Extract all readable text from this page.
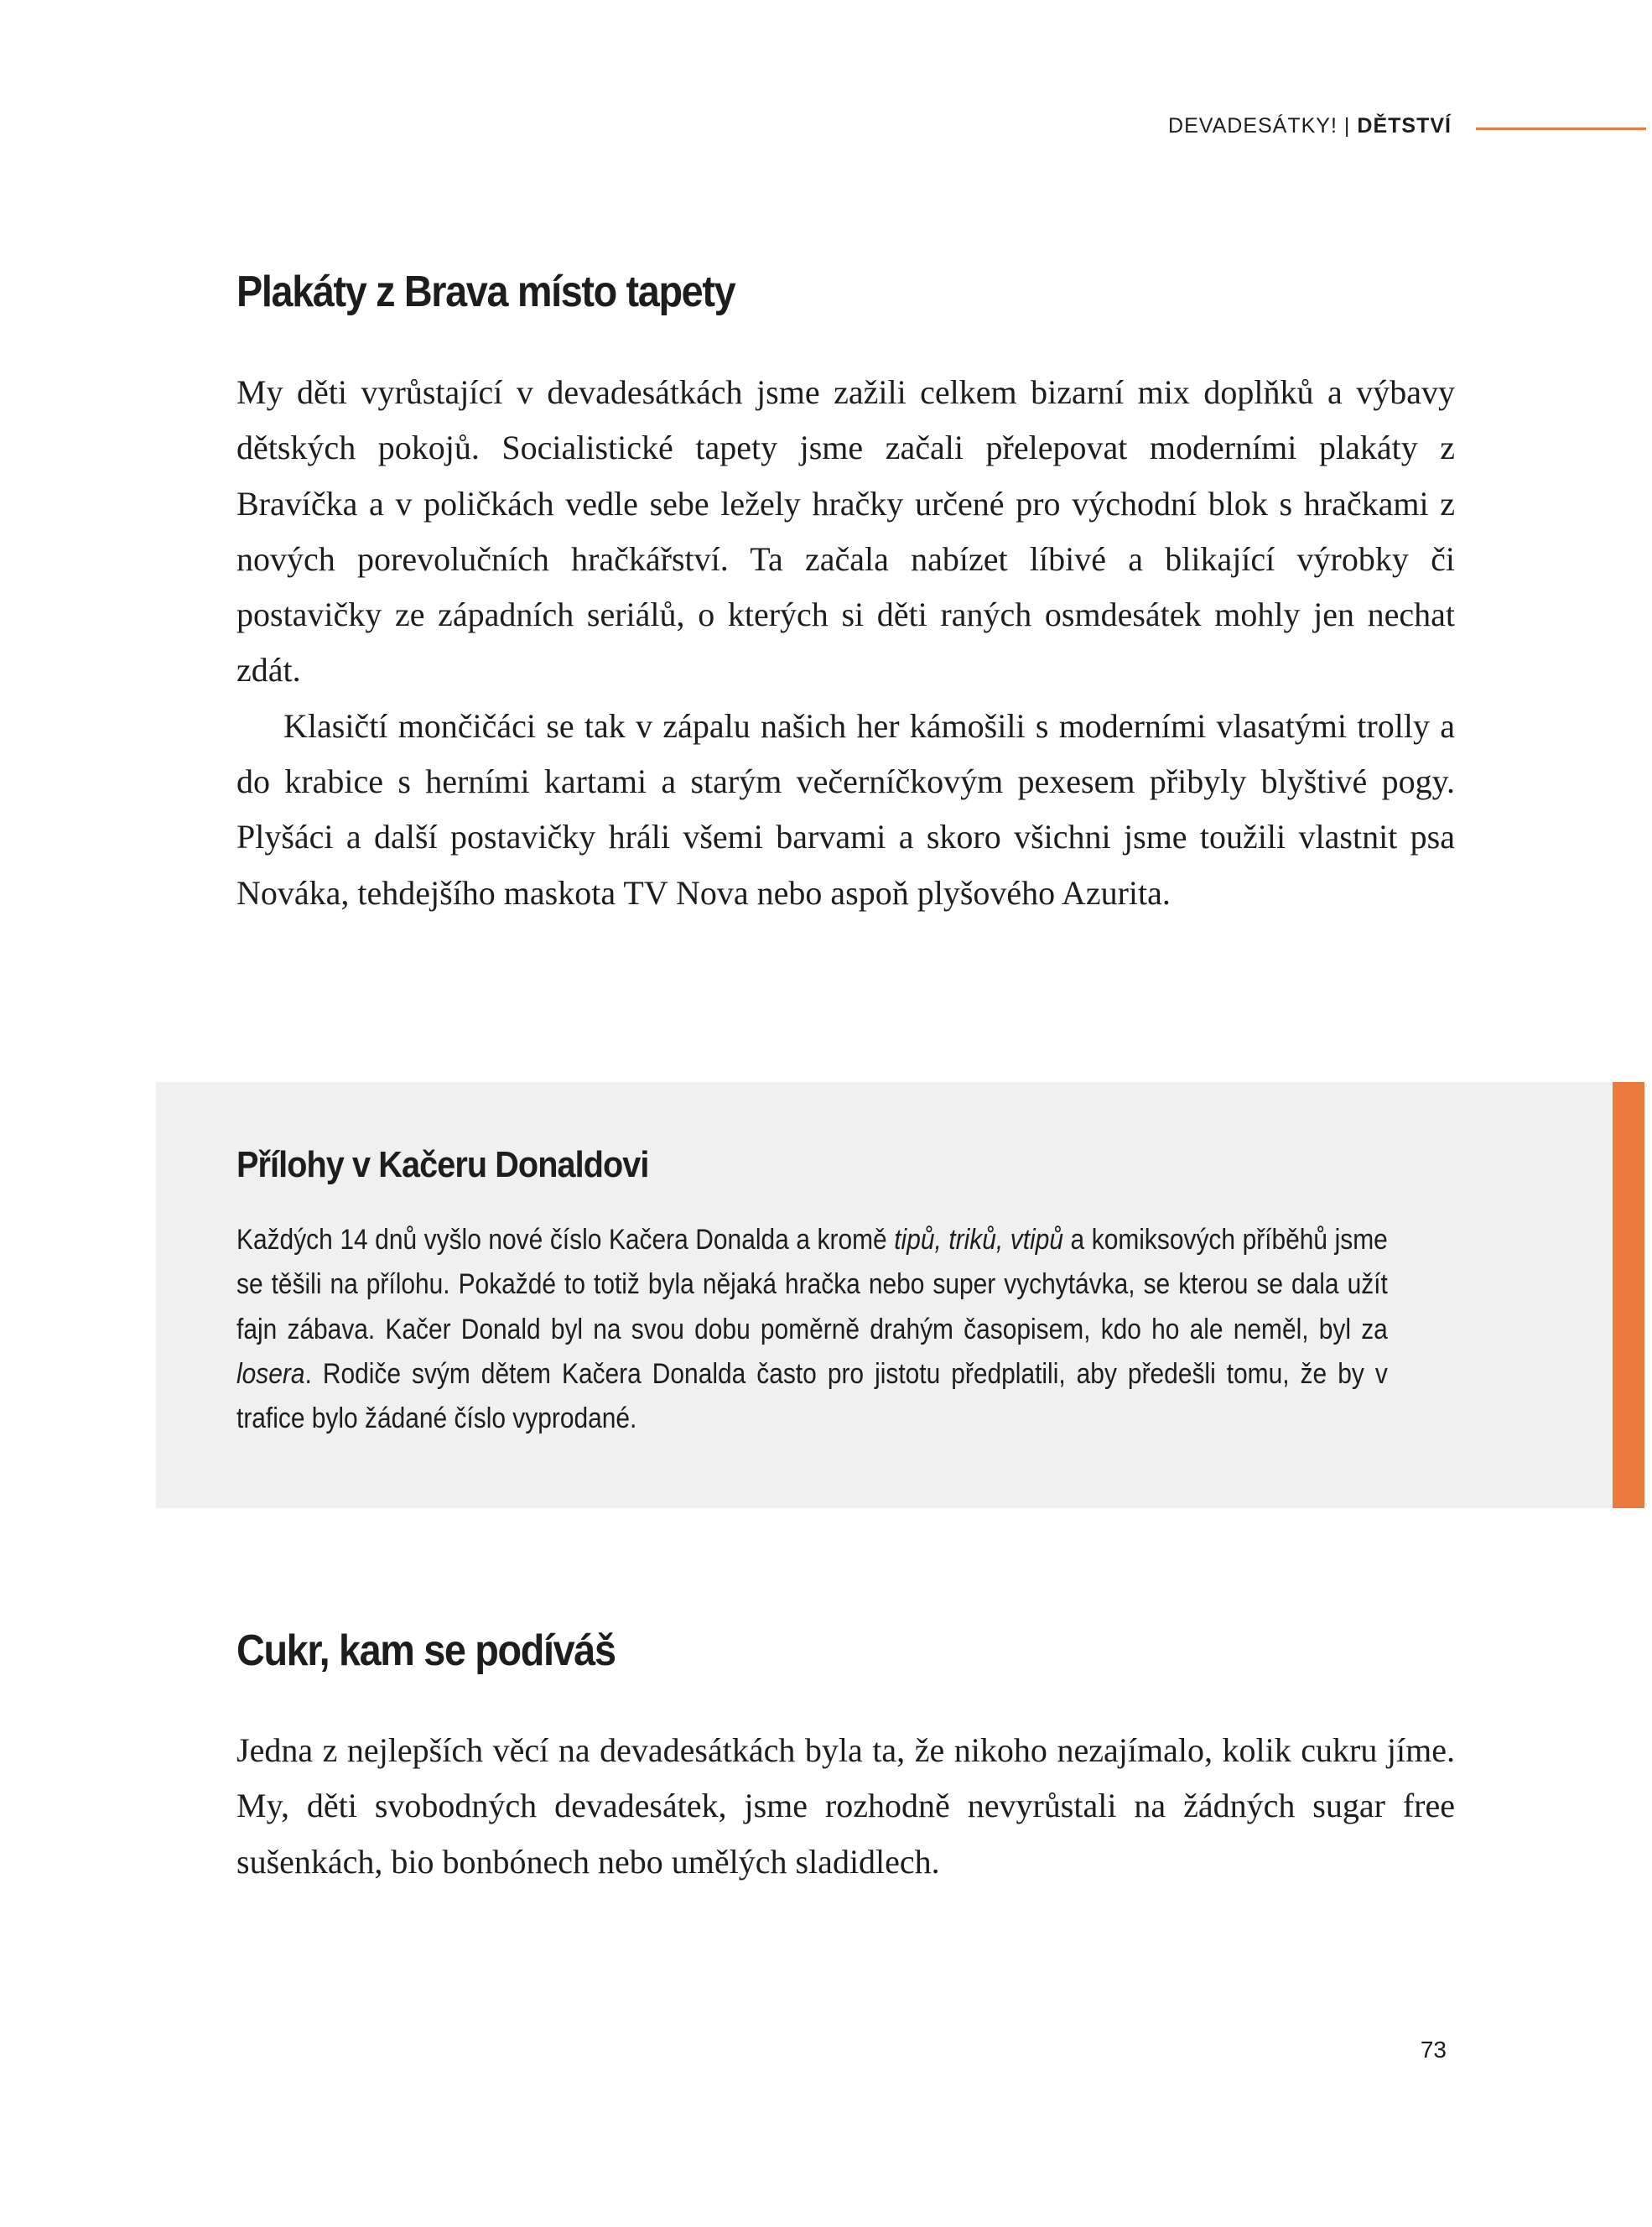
DEVADESÁTKY! | DĚTSTVÍ
Plakáty z Brava místo tapety

My děti vyrůstající v devadesátkách jsme zažili celkem bizarní mix doplňků a výbavy dětských pokojů. Socialistické tapety jsme začali přelepovat moderními plakáty z Bravíčka a v poličkách vedle sebe ležely hračky určené pro východní blok s hračkami z nových porevolučních hračkářství. Ta začala nabízet líbivé a blikající výrobky či postavičky ze západních seriálů, o kterých si děti raných osmdesátek mohly jen nechat zdát.

Klasičtí mončičáci se tak v zápalu našich her kámošili s moderními vlasatými trolly a do krabice s herními kartami a starým večerníčkovým pexesem přibyly blyštivé pogy. Plyšáci a další postavičky hráli všemi barvami a skoro všichni jsme toužili vlastnit psa Nováka, tehdejšího maskota TV Nova nebo aspoň plyšového Azurita.

Přílohy v Kačeru Donaldovi

Každých 14 dnů vyšlo nové číslo Kačera Donalda a kromě tipů, triků, vtipů a komiksových příběhů jsme se těšili na přílohu. Pokaždé to totiž byla nějaká hračka nebo super vychytávka, se kterou se dala užít fajn zábava. Kačer Donald byl na svou dobu poměrně drahým časopisem, kdo ho ale neměl, byl za losera. Rodiče svým dětem Kačera Donalda často pro jistotu předplatili, aby předešli tomu, že by v trafice bylo žádané číslo vyprodané.

Cukr, kam se podíváš

Jedna z nejlepších věcí na devadesátkách byla ta, že nikoho nezajímalo, kolik cukru jíme. My, děti svobodných devadesátek, jsme rozhodně nevyrůstali na žádných sugar free sušenkách, bio bonbónech nebo umělých sladidlech.

73
